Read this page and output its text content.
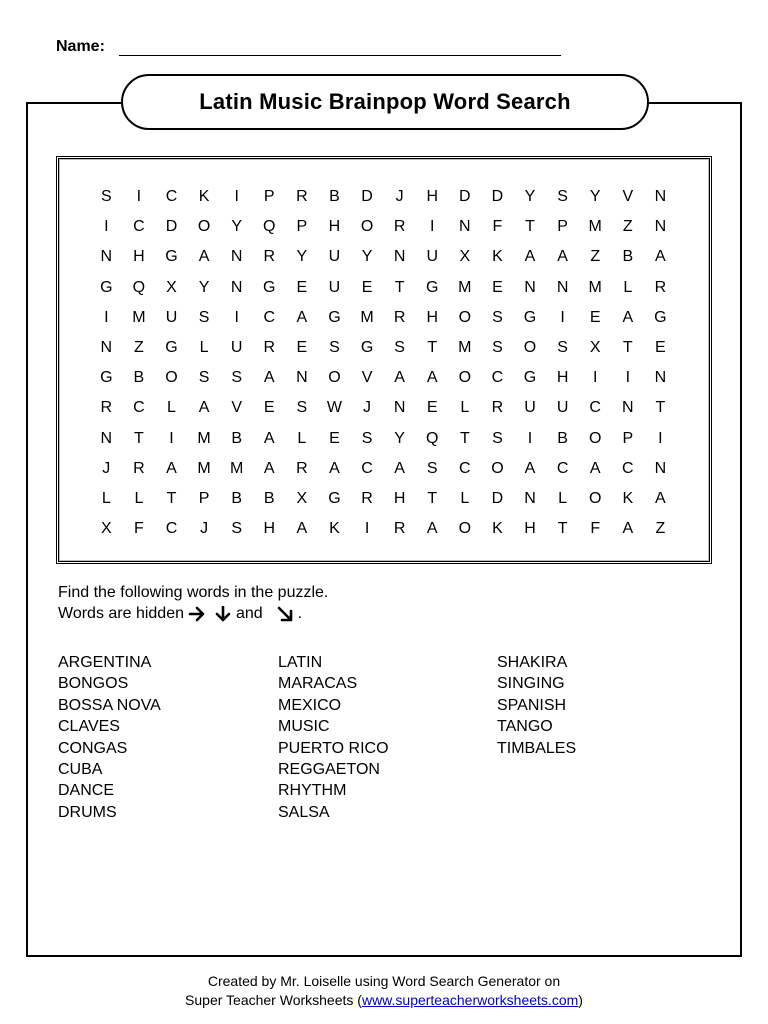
Name:
Latin Music Brainpop Word Search
S	I	C	K	I	P	R	B	D	J	H	D	D	Y	S	Y	V	N
I	C	D	O	Y	Q	P	H	O	R	I	N	F	T	P	M	Z	N
N	H	G	A	N	R	Y	U	Y	N	U	X	K	A	A	Z	B	A
G	Q	X	Y	N	G	E	U	E	T	G	M	E	N	N	M	L	R
I	M	U	S	I	C	A	G	M	R	H	O	S	G	I	E	A	G
N	Z	G	L	U	R	E	S	G	S	T	M	S	O	S	X	T	E
G	B	O	S	S	A	N	O	V	A	A	O	C	G	H	I	I	N
R	C	L	A	V	E	S	W	J	N	E	L	R	U	U	C	N	T
N	T	I	M	B	A	L	E	S	Y	Q	T	S	I	B	O	P	I
J	R	A	M	M	A	R	A	C	A	S	C	O	A	C	A	C	N
L	L	T	P	B	B	X	G	R	H	T	L	D	N	L	O	K	A
X	F	C	J	S	H	A	K	I	R	A	O	K	H	T	F	A	Z
Find the following words in the puzzle.
Words are hidden	and
.
ARGENTINA
BONGOS
BOSSA NOVA
CLAVES
CONGAS
CUBA
DANCE
DRUMS
LATIN
MARACAS
MEXICO
MUSIC
PUERTO RICO
REGGAETON
RHYTHM
SALSA
SHAKIRA
SINGING
SPANISH
TANGO
TIMBALES
Created by Mr. Loiselle using Word Search Generator on
Super Teacher Worksheets (www.superteacherworksheets.com)
